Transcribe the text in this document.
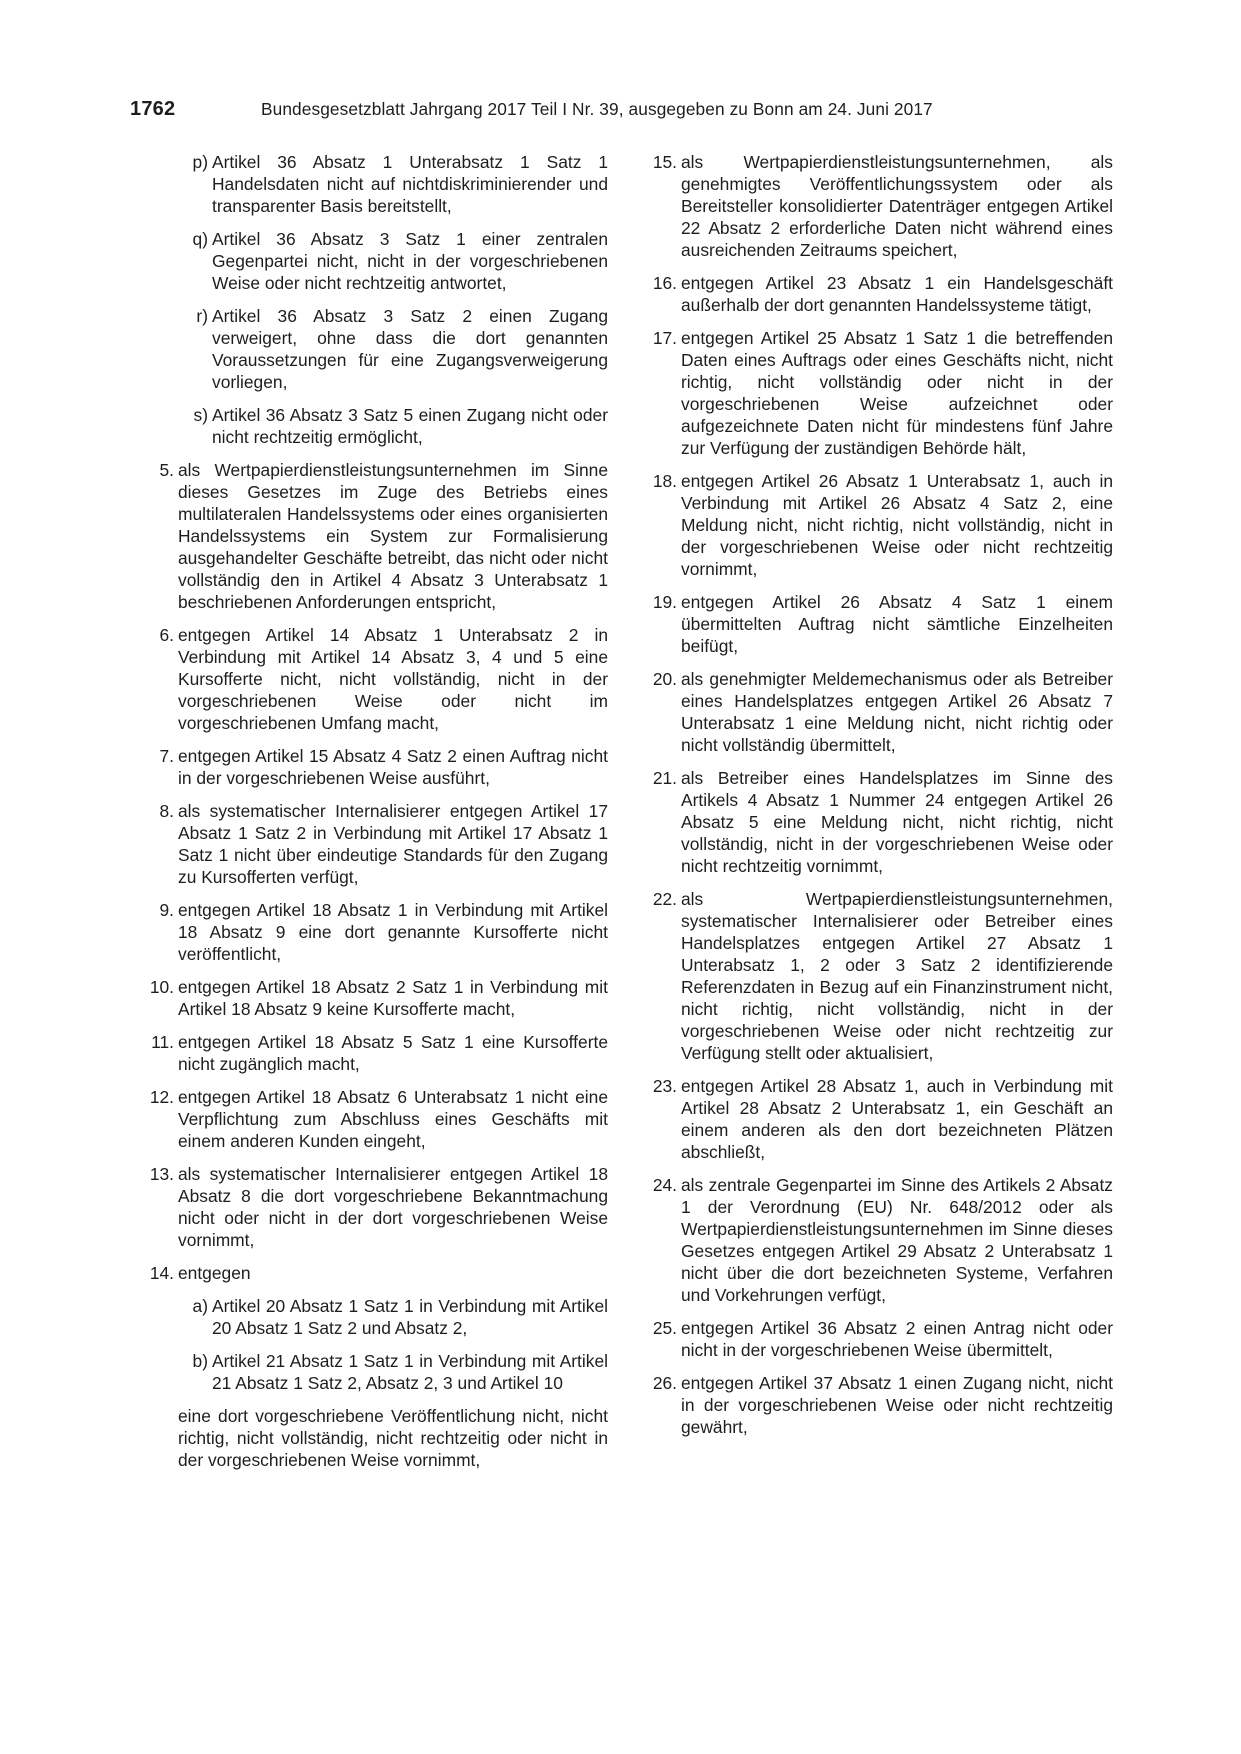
1762	Bundesgesetzblatt Jahrgang 2017 Teil I Nr. 39, ausgegeben zu Bonn am 24. Juni 2017
p) Artikel 36 Absatz 1 Unterabsatz 1 Satz 1 Handelsdaten nicht auf nichtdiskriminierender und transparenter Basis bereitstellt,
q) Artikel 36 Absatz 3 Satz 1 einer zentralen Gegenpartei nicht, nicht in der vorgeschriebenen Weise oder nicht rechtzeitig antwortet,
r) Artikel 36 Absatz 3 Satz 2 einen Zugang verweigert, ohne dass die dort genannten Voraussetzungen für eine Zugangsverweigerung vorliegen,
s) Artikel 36 Absatz 3 Satz 5 einen Zugang nicht oder nicht rechtzeitig ermöglicht,
5. als Wertpapierdienstleistungsunternehmen im Sinne dieses Gesetzes im Zuge des Betriebs eines multilateralen Handelssystems oder eines organisierten Handelssystems ein System zur Formalisierung ausgehandelter Geschäfte betreibt, das nicht oder nicht vollständig den in Artikel 4 Absatz 3 Unterabsatz 1 beschriebenen Anforderungen entspricht,
6. entgegen Artikel 14 Absatz 1 Unterabsatz 2 in Verbindung mit Artikel 14 Absatz 3, 4 und 5 eine Kursofferte nicht, nicht vollständig, nicht in der vorgeschriebenen Weise oder nicht im vorgeschriebenen Umfang macht,
7. entgegen Artikel 15 Absatz 4 Satz 2 einen Auftrag nicht in der vorgeschriebenen Weise ausführt,
8. als systematischer Internalisierer entgegen Artikel 17 Absatz 1 Satz 2 in Verbindung mit Artikel 17 Absatz 1 Satz 1 nicht über eindeutige Standards für den Zugang zu Kursofferten verfügt,
9. entgegen Artikel 18 Absatz 1 in Verbindung mit Artikel 18 Absatz 9 eine dort genannte Kursofferte nicht veröffentlicht,
10. entgegen Artikel 18 Absatz 2 Satz 1 in Verbindung mit Artikel 18 Absatz 9 keine Kursofferte macht,
11. entgegen Artikel 18 Absatz 5 Satz 1 eine Kursofferte nicht zugänglich macht,
12. entgegen Artikel 18 Absatz 6 Unterabsatz 1 nicht eine Verpflichtung zum Abschluss eines Geschäfts mit einem anderen Kunden eingeht,
13. als systematischer Internalisierer entgegen Artikel 18 Absatz 8 die dort vorgeschriebene Bekanntmachung nicht oder nicht in der dort vorgeschriebenen Weise vornimmt,
14. entgegen
a) Artikel 20 Absatz 1 Satz 1 in Verbindung mit Artikel 20 Absatz 1 Satz 2 und Absatz 2,
b) Artikel 21 Absatz 1 Satz 1 in Verbindung mit Artikel 21 Absatz 1 Satz 2, Absatz 2, 3 und Artikel 10

eine dort vorgeschriebene Veröffentlichung nicht, nicht richtig, nicht vollständig, nicht rechtzeitig oder nicht in der vorgeschriebenen Weise vornimmt,

15. als Wertpapierdienstleistungsunternehmen, als genehmigtes Veröffentlichungssystem oder als Bereitsteller konsolidierter Datenträger entgegen Artikel 22 Absatz 2 erforderliche Daten nicht während eines ausreichenden Zeitraums speichert,
16. entgegen Artikel 23 Absatz 1 ein Handelsgeschäft außerhalb der dort genannten Handelssysteme tätigt,
17. entgegen Artikel 25 Absatz 1 Satz 1 die betreffenden Daten eines Auftrags oder eines Geschäfts nicht, nicht richtig, nicht vollständig oder nicht in der vorgeschriebenen Weise aufzeichnet oder aufgezeichnete Daten nicht für mindestens fünf Jahre zur Verfügung der zuständigen Behörde hält,
18. entgegen Artikel 26 Absatz 1 Unterabsatz 1, auch in Verbindung mit Artikel 26 Absatz 4 Satz 2, eine Meldung nicht, nicht richtig, nicht vollständig, nicht in der vorgeschriebenen Weise oder nicht rechtzeitig vornimmt,
19. entgegen Artikel 26 Absatz 4 Satz 1 einem übermittelten Auftrag nicht sämtliche Einzelheiten beifügt,
20. als genehmigter Meldemechanismus oder als Betreiber eines Handelsplatzes entgegen Artikel 26 Absatz 7 Unterabsatz 1 eine Meldung nicht, nicht richtig oder nicht vollständig übermittelt,
21. als Betreiber eines Handelsplatzes im Sinne des Artikels 4 Absatz 1 Nummer 24 entgegen Artikel 26 Absatz 5 eine Meldung nicht, nicht richtig, nicht vollständig, nicht in der vorgeschriebenen Weise oder nicht rechtzeitig vornimmt,
22. als Wertpapierdienstleistungsunternehmen, systematischer Internalisierer oder Betreiber eines Handelsplatzes entgegen Artikel 27 Absatz 1 Unterabsatz 1, 2 oder 3 Satz 2 identifizierende Referenzdaten in Bezug auf ein Finanzinstrument nicht, nicht richtig, nicht vollständig, nicht in der vorgeschriebenen Weise oder nicht rechtzeitig zur Verfügung stellt oder aktualisiert,
23. entgegen Artikel 28 Absatz 1, auch in Verbindung mit Artikel 28 Absatz 2 Unterabsatz 1, ein Geschäft an einem anderen als den dort bezeichneten Plätzen abschließt,
24. als zentrale Gegenpartei im Sinne des Artikels 2 Absatz 1 der Verordnung (EU) Nr. 648/2012 oder als Wertpapierdienstleistungsunternehmen im Sinne dieses Gesetzes entgegen Artikel 29 Absatz 2 Unterabsatz 1 nicht über die dort bezeichneten Systeme, Verfahren und Vorkehrungen verfügt,
25. entgegen Artikel 36 Absatz 2 einen Antrag nicht oder nicht in der vorgeschriebenen Weise übermittelt,
26. entgegen Artikel 37 Absatz 1 einen Zugang nicht, nicht in der vorgeschriebenen Weise oder nicht rechtzeitig gewährt,
